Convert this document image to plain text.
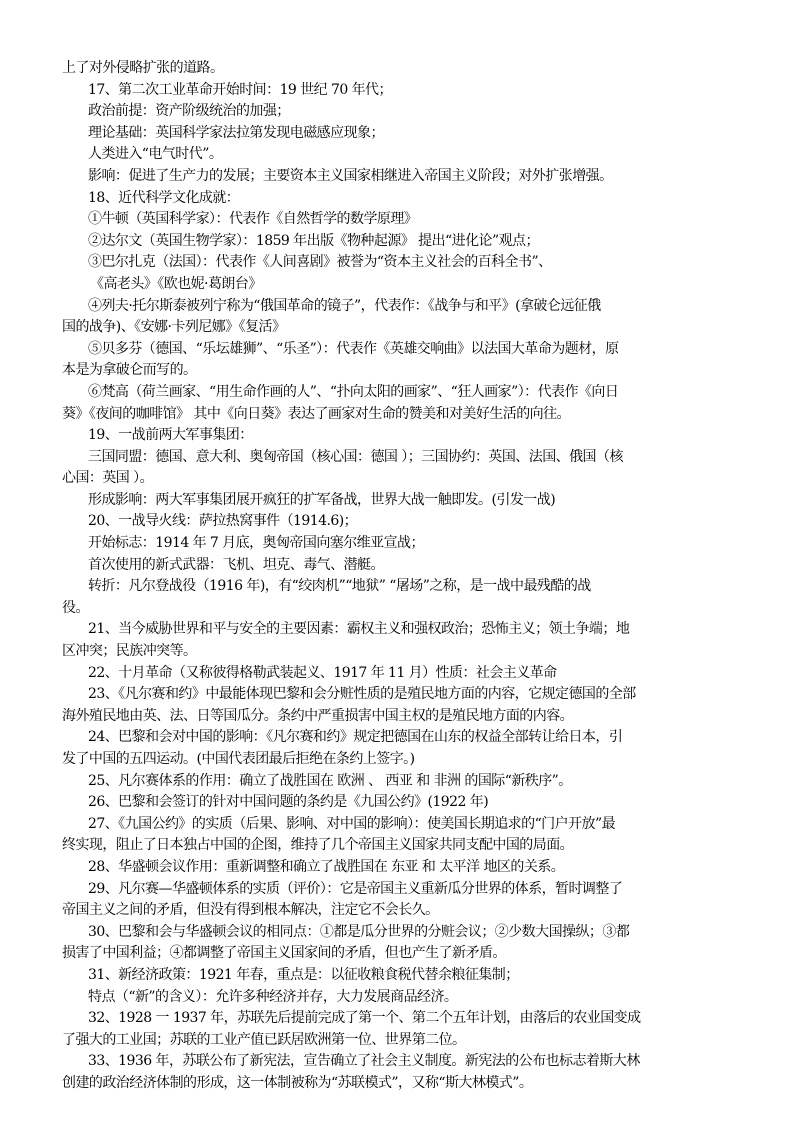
上了对外侵略扩张的道路。
17、第二次工业革命开始时间：19 世纪 70 年代；
政治前提：资产阶级统治的加强；
理论基础：英国科学家法拉第发现电磁感应现象；
人类进入“电气时代”。
影响：促进了生产力的发展；主要资本主义国家相继进入帝国主义阶段；对外扩张增强。
18、近代科学文化成就：
①牛顿（英国科学家）：代表作《自然哲学的数学原理》
②达尔文（英国生物学家）：1859 年出版《物种起源》 提出“进化论”观点；
③巴尔扎克（法国）：代表作《人间喜剧》被誉为“资本主义社会的百科全书”、
《高老头》《欧也妮·葛朗台》
④列夫·托尔斯泰被列宁称为“俄国革命的镜子”，代表作：《战争与和平》(拿破仑远征俄
国的战争)、《安娜·卡列尼娜》《复活》
⑤贝多芬（德国、“乐坛雄狮”、“乐圣”）：代表作《英雄交响曲》以法国大革命为题材，原
本是为拿破仑而写的。
⑥梵高（荷兰画家、“用生命作画的人”、“扑向太阳的画家”、“狂人画家”）：代表作《向日
葵》《夜间的咖啡馆》 其中《向日葵》表达了画家对生命的赞美和对美好生活的向往。
19、一战前两大军事集团：
三国同盟：德国、意大利、奥匈帝国（核心国：德国 ）；三国协约：英国、法国、俄国（核
心国：英国 ）。
形成影响：两大军事集团展开疯狂的扩军备战，世界大战一触即发。(引发一战)
20、一战导火线：萨拉热窝事件（1914.6)；
开始标志：1914 年 7 月底，奥匈帝国向塞尔维亚宣战；
首次使用的新式武器：飞机、坦克、毒气、潜艇。
转折：凡尔登战役（1916 年)，有“绞肉机”“地狱” “屠场”之称，是一战中最残酷的战
役。
21、当今威胁世界和平与安全的主要因素：霸权主义和强权政治；恐怖主义；领土争端；地
区冲突；民族冲突等。
22、十月革命（又称彼得格勒武装起义、1917 年 11 月）性质：社会主义革命
23、《凡尔赛和约》中最能体现巴黎和会分赃性质的是殖民地方面的内容，它规定德国的全部
海外殖民地由英、法、日等国瓜分。条约中严重损害中国主权的是殖民地方面的内容。
24、巴黎和会对中国的影响：《凡尔赛和约》规定把德国在山东的权益全部转让给日本，引
发了中国的五四运动。(中国代表团最后拒绝在条约上签字。)
25、凡尔赛体系的作用：确立了战胜国在 欧洲 、 西亚 和 非洲 的国际“新秩序”。
26、巴黎和会签订的针对中国问题的条约是《九国公约》(1922 年)
27、《九国公约》的实质（后果、影响、对中国的影响）：使美国长期追求的“门户开放”最
终实现，阻止了日本独占中国的企图，维持了几个帝国主义国家共同支配中国的局面。
28、华盛顿会议作用：重新调整和确立了战胜国在 东亚 和 太平洋 地区的关系。
29、凡尔赛—华盛顿体系的实质（评价）：它是帝国主义重新瓜分世界的体系，暂时调整了
帝国主义之间的矛盾，但没有得到根本解决，注定它不会长久。
30、巴黎和会与华盛顿会议的相同点：①都是瓜分世界的分赃会议；②少数大国操纵；③都
损害了中国利益；④都调整了帝国主义国家间的矛盾，但也产生了新矛盾。
31、新经济政策：1921 年春，重点是：以征收粮食税代替余粮征集制；
特点（“新”的含义）：允许多种经济并存，大力发展商品经济。
32、1928 一 1937 年，苏联先后提前完成了第一个、第二个五年计划，由落后的农业国变成
了强大的工业国；苏联的工业产值已跃居欧洲第一位、世界第二位。
33、1936 年，苏联公布了新宪法，宣告确立了社会主义制度。新宪法的公布也标志着斯大林
创建的政治经济体制的形成，这一体制被称为“苏联模式”，又称“斯大林模式”。
